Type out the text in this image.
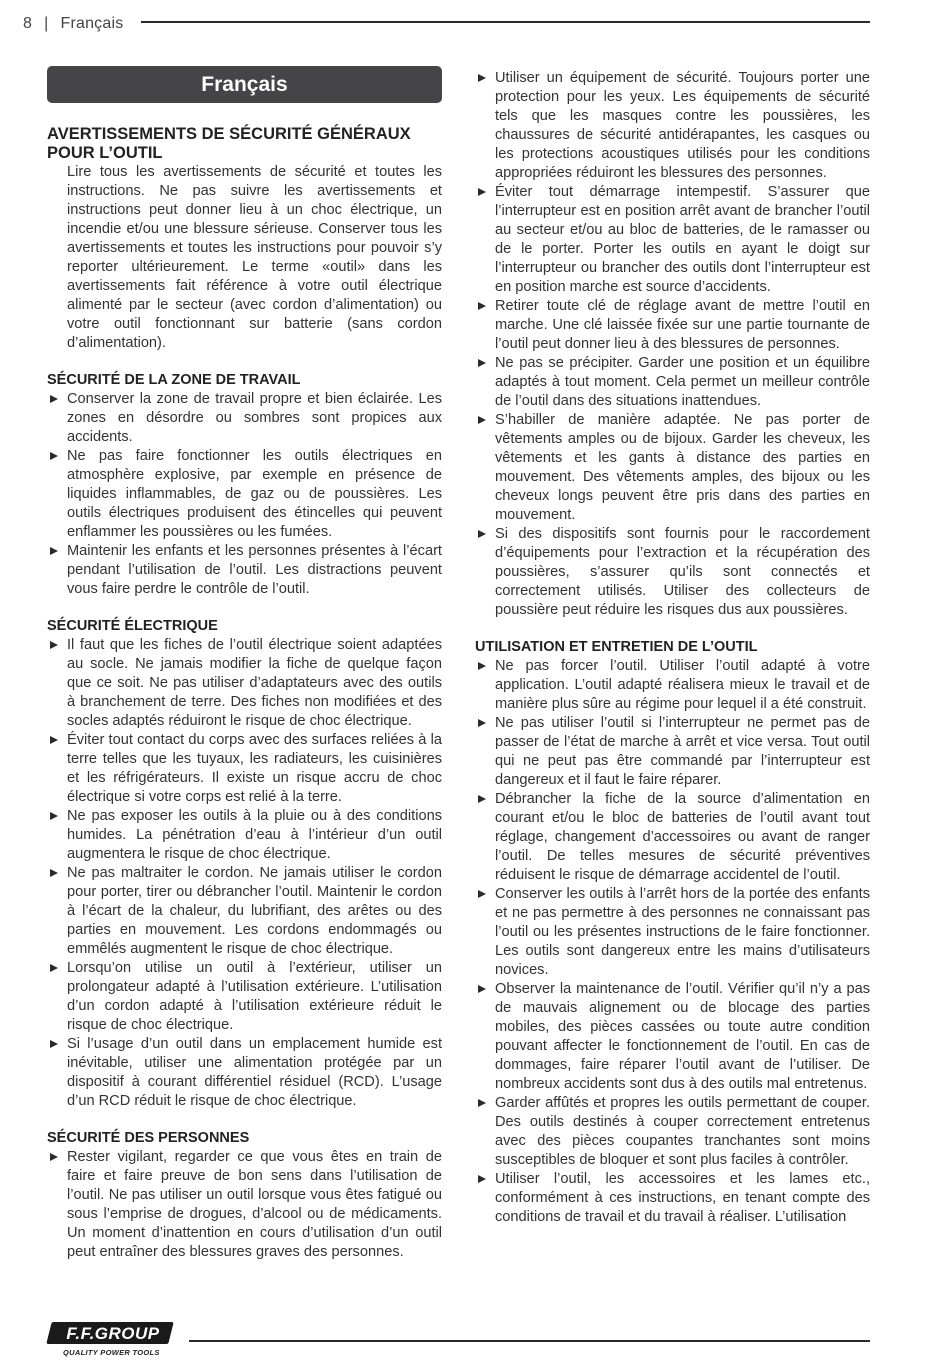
8 | Français
Français
AVERTISSEMENTS DE SÉCURITÉ GÉNÉRAUX POUR L’OUTIL

Lire tous les avertissements de sécurité et toutes les instructions. Ne pas suivre les avertissements et instructions peut donner lieu à un choc électrique, un incendie et/ou une blessure sérieuse. Conserver tous les avertissements et toutes les instructions pour pouvoir s’y reporter ultérieurement. Le terme «outil» dans les avertissements fait référence à votre outil électrique alimenté par le secteur (avec cordon d’alimentation) ou votre outil fonctionnant sur batterie (sans cordon d’alimentation).

SÉCURITÉ DE LA ZONE DE TRAVAIL
Conserver la zone de travail propre et bien éclairée. Les zones en désordre ou sombres sont propices aux accidents.
Ne pas faire fonctionner les outils électriques en atmosphère explosive, par exemple en présence de liquides inflammables, de gaz ou de poussières. Les outils électriques produisent des étincelles qui peuvent enflammer les poussières ou les fumées.
Maintenir les enfants et les personnes présentes à l’écart pendant l’utilisation de l’outil. Les distractions peuvent vous faire perdre le contrôle de l’outil.
SÉCURITÉ ÉLECTRIQUE
Il faut que les fiches de l’outil électrique soient adaptées au socle. Ne jamais modifier la fiche de quelque façon que ce soit. Ne pas utiliser d’adaptateurs avec des outils à branchement de terre. Des fiches non modifiées et des socles adaptés réduiront le risque de choc électrique.
Éviter tout contact du corps avec des surfaces reliées à la terre telles que les tuyaux, les radiateurs, les cuisinières et les réfrigérateurs. Il existe un risque accru de choc électrique si votre corps est relié à la terre.
Ne pas exposer les outils à la pluie ou à des conditions humides. La pénétration d’eau à l’intérieur d’un outil augmentera le risque de choc électrique.
Ne pas maltraiter le cordon. Ne jamais utiliser le cordon pour porter, tirer ou débrancher l’outil. Maintenir le cordon à l’écart de la chaleur, du lubrifiant, des arêtes ou des parties en mouvement. Les cordons endommagés ou emmêlés augmentent le risque de choc électrique.
Lorsqu’on utilise un outil à l’extérieur, utiliser un prolongateur adapté à l’utilisation extérieure. L’utilisation d’un cordon adapté à l’utilisation extérieure réduit le risque de choc électrique.
Si l’usage d’un outil dans un emplacement humide est inévitable, utiliser une alimentation protégée par un dispositif à courant différentiel résiduel (RCD). L’usage d’un RCD réduit le risque de choc électrique.
SÉCURITÉ DES PERSONNES
Rester vigilant, regarder ce que vous êtes en train de faire et faire preuve de bon sens dans l’utilisation de l’outil. Ne pas utiliser un outil lorsque vous êtes fatigué ou sous l’emprise de drogues, d’alcool ou de médicaments. Un moment d’inattention en cours d’utilisation d’un outil peut entraîner des blessures graves des personnes.
Utiliser un équipement de sécurité. Toujours porter une protection pour les yeux. Les équipements de sécurité tels que les masques contre les poussières, les chaussures de sécurité antidérapantes, les casques ou les protections acoustiques utilisés pour les conditions appropriées réduiront les blessures des personnes.
Éviter tout démarrage intempestif. S’assurer que l’interrupteur est en position arrêt avant de brancher l’outil au secteur et/ou au bloc de batteries, de le ramasser ou de le porter. Porter les outils en ayant le doigt sur l’interrupteur ou brancher des outils dont l’interrupteur est en position marche est source d’accidents.
Retirer toute clé de réglage avant de mettre l’outil en marche. Une clé laissée fixée sur une partie tournante de l’outil peut donner lieu à des blessures de personnes.
Ne pas se précipiter. Garder une position et un équilibre adaptés à tout moment. Cela permet un meilleur contrôle de l’outil dans des situations inattendues.
S’habiller de manière adaptée. Ne pas porter de vêtements amples ou de bijoux. Garder les cheveux, les vêtements et les gants à distance des parties en mouvement. Des vêtements amples, des bijoux ou les cheveux longs peuvent être pris dans des parties en mouvement.
Si des dispositifs sont fournis pour le raccordement d’équipements pour l’extraction et la récupération des poussières, s’assurer qu’ils sont connectés et correctement utilisés. Utiliser des collecteurs de poussière peut réduire les risques dus aux poussières.
UTILISATION ET ENTRETIEN DE L’OUTIL
Ne pas forcer l’outil. Utiliser l’outil adapté à votre application. L’outil adapté réalisera mieux le travail et de manière plus sûre au régime pour lequel il a été construit.
Ne pas utiliser l’outil si l’interrupteur ne permet pas de passer de l’état de marche à arrêt et vice versa. Tout outil qui ne peut pas être commandé par l’interrupteur est dangereux et il faut le faire réparer.
Débrancher la fiche de la source d’alimentation en courant et/ou le bloc de batteries de l’outil avant tout réglage, changement d’accessoires ou avant de ranger l’outil. De telles mesures de sécurité préventives réduisent le risque de démarrage accidentel de l’outil.
Conserver les outils à l’arrêt hors de la portée des enfants et ne pas permettre à des personnes ne connaissant pas l’outil ou les présentes instructions de le faire fonctionner. Les outils sont dangereux entre les mains d’utilisateurs novices.
Observer la maintenance de l’outil. Vérifier qu’il n’y a pas de mauvais alignement ou de blocage des parties mobiles, des pièces cassées ou toute autre condition pouvant affecter le fonctionnement de l’outil. En cas de dommages, faire réparer l’outil avant de l’utiliser. De nombreux accidents sont dus à des outils mal entretenus.
Garder affûtés et propres les outils permettant de couper. Des outils destinés à couper correctement entretenus avec des pièces coupantes tranchantes sont moins susceptibles de bloquer et sont plus faciles à contrôler.
Utiliser l’outil, les accessoires et les lames etc., conformément à ces instructions, en tenant compte des conditions de travail et du travail à réaliser. L’utilisation
F.F.GROUP
QUALITY POWER TOOLS
